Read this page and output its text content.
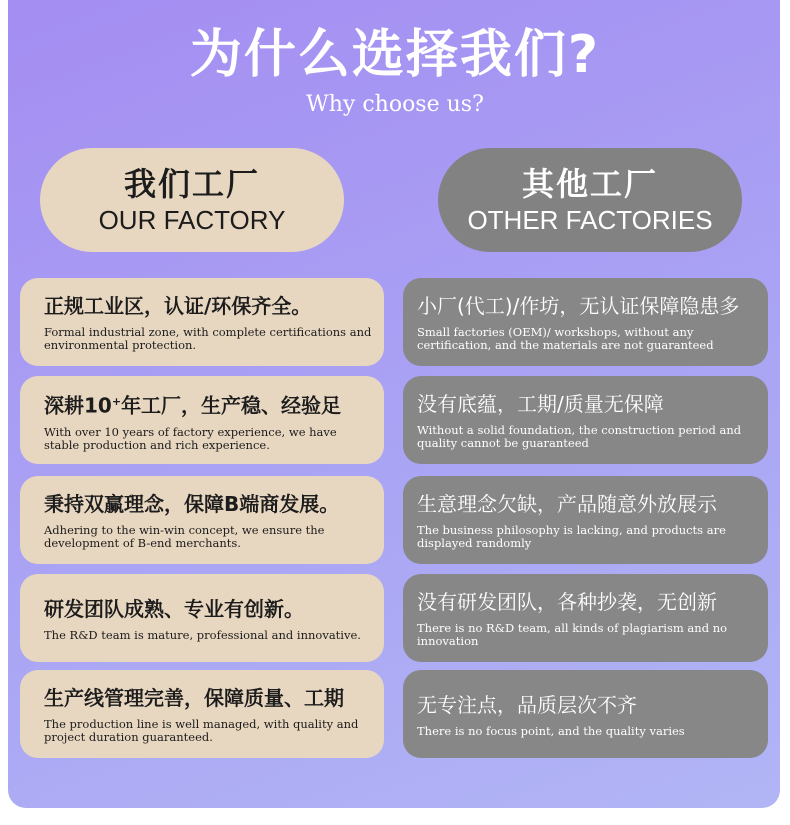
为什么选择我们?
Why choose us?
我们工厂
OUR FACTORY
其他工厂
OTHER FACTORIES
正规工业区，认证/环保齐全。
Formal industrial zone, with complete certifications and environmental protection.
深耕10+年工厂，生产稳、经验足
With over 10 years of factory experience, we have stable production and rich experience.
秉持双赢理念，保障B端商发展。
Adhering to the win-win concept, we ensure the development of B-end merchants.
研发团队成熟、专业有创新。
The R&D team is mature, professional and innovative.
生产线管理完善，保障质量、工期
The production line is well managed, with quality and project duration guaranteed.
小厂(代工)/作坊，无认证保障隐患多
Small factories (OEM)/ workshops, without any certification, and the materials are not guaranteed
没有底蕴，工期/质量无保障
Without a solid foundation, the construction period and quality cannot be guaranteed
生意理念欠缺，产品随意外放展示
The business philosophy is lacking, and products are displayed randomly
没有研发团队，各种抄袭，无创新
There is no R&D team, all kinds of plagiarism and no innovation
无专注点，品质层次不齐
There is no focus point, and the quality varies
